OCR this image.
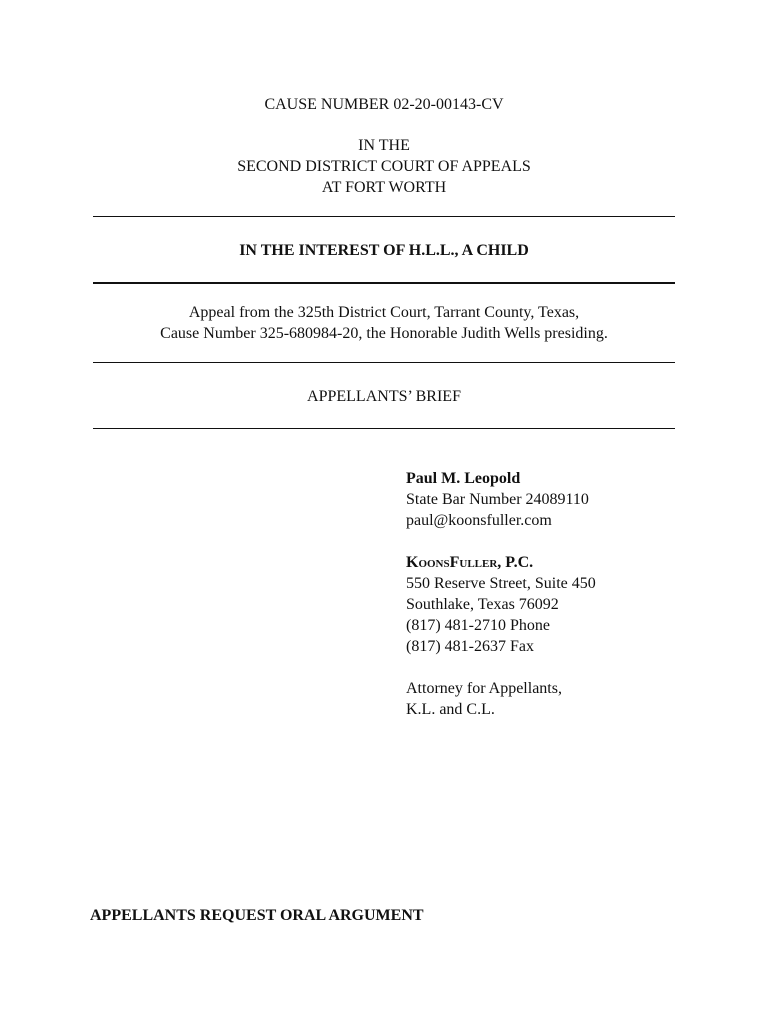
CAUSE NUMBER 02-20-00143-CV
IN THE
SECOND DISTRICT COURT OF APPEALS
AT FORT WORTH
IN THE INTEREST OF H.L.L., A CHILD
Appeal from the 325th District Court, Tarrant County, Texas,
Cause Number 325-680984-20, the Honorable Judith Wells presiding.
APPELLANTS’ BRIEF
Paul M. Leopold
State Bar Number 24089110
paul@koonsfuller.com
KoonsFuller, P.C.
550 Reserve Street, Suite 450
Southlake, Texas 76092
(817) 481-2710 Phone
(817) 481-2637 Fax
Attorney for Appellants,
K.L. and C.L.
APPELLANTS REQUEST ORAL ARGUMENT
